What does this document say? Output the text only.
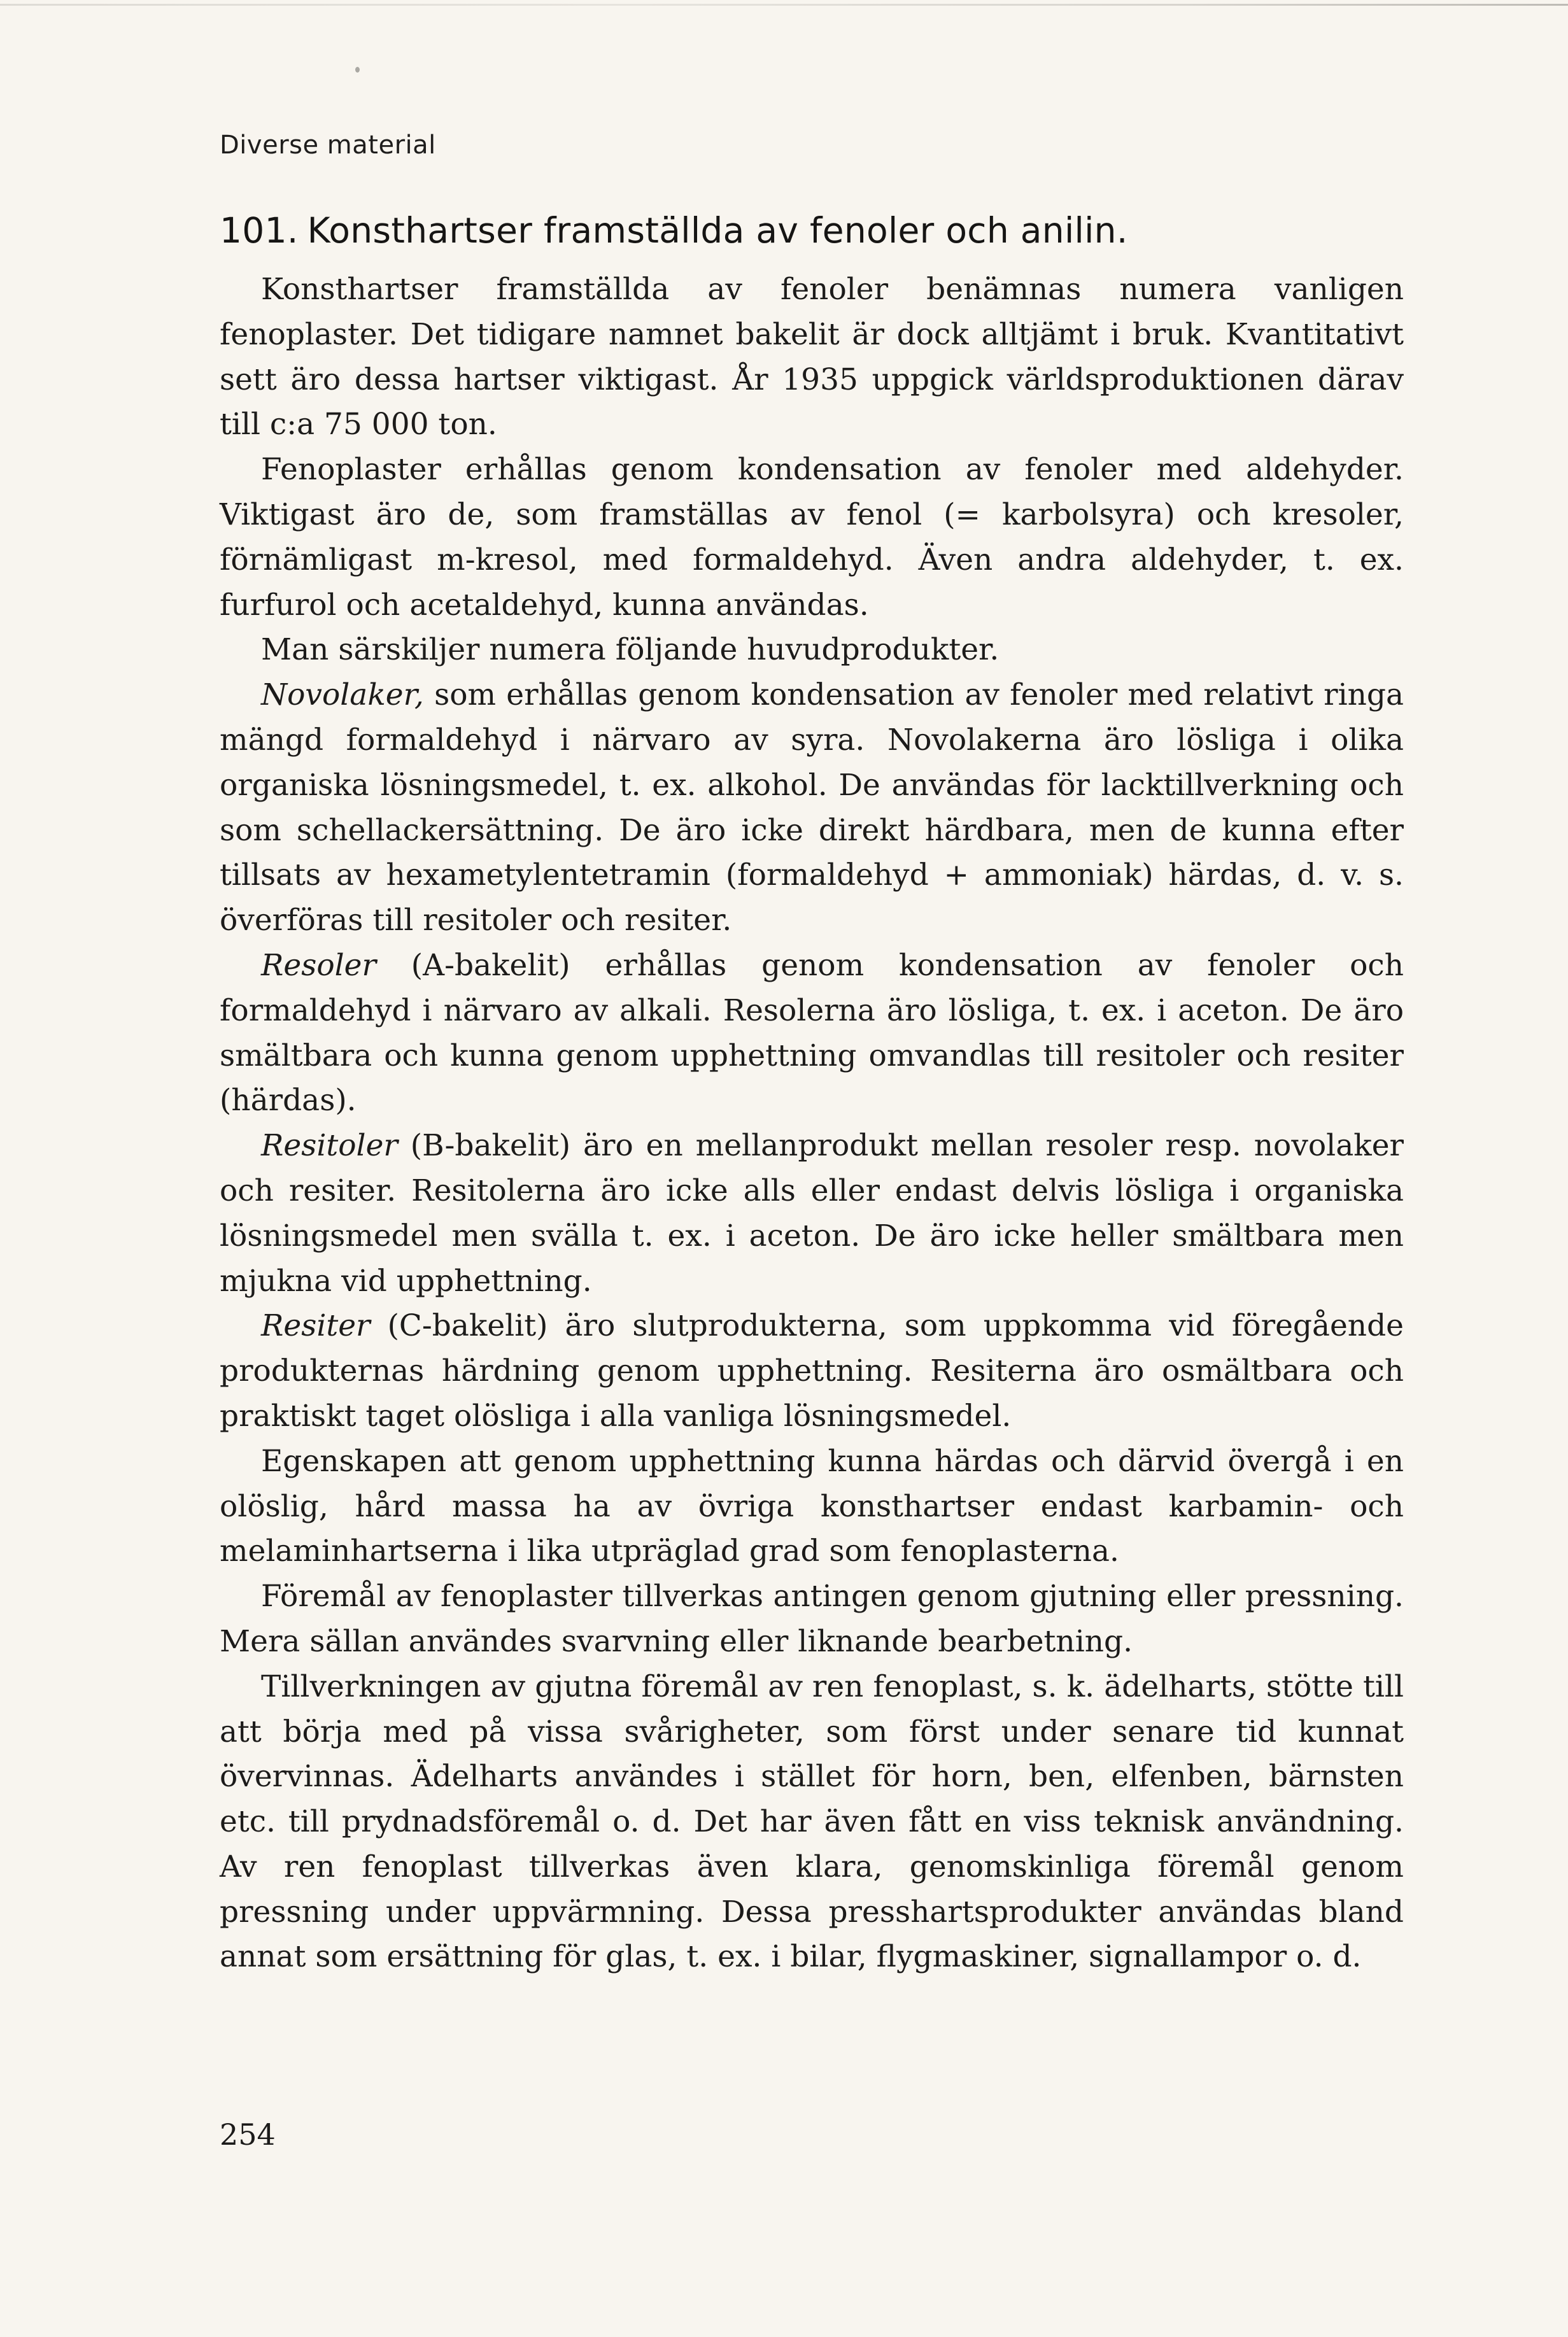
Diverse material
101. Konsthartser framställda av fenoler och anilin.

Konsthartser framställda av fenoler benämnas numera vanligen fenoplaster. Det tidigare namnet bakelit är dock alltjämt i bruk. Kvantitativt sett äro dessa hartser viktigast. År 1935 uppgick världsproduktionen därav till c:a 75 000 ton.

Fenoplaster erhållas genom kondensation av fenoler med aldehyder. Viktigast äro de, som framställas av fenol (= karbolsyra) och kresoler, förnämligast m-kresol, med formaldehyd. Även andra aldehyder, t. ex. furfurol och acetaldehyd, kunna användas.

Man särskiljer numera följande huvudprodukter.

Novolaker, som erhållas genom kondensation av fenoler med relativt ringa mängd formaldehyd i närvaro av syra. Novolakerna äro lösliga i olika organiska lösningsmedel, t. ex. alkohol. De användas för lacktillverkning och som schellackersättning. De äro icke direkt härdbara, men de kunna efter tillsats av hexametylentetramin (formaldehyd + ammoniak) härdas, d. v. s. överföras till resitoler och resiter.

Resoler (A-bakelit) erhållas genom kondensation av fenoler och formaldehyd i närvaro av alkali. Resolerna äro lösliga, t. ex. i aceton. De äro smältbara och kunna genom upphettning omvandlas till resitoler och resiter (härdas).

Resitoler (B-bakelit) äro en mellanprodukt mellan resoler resp. novolaker och resiter. Resitolerna äro icke alls eller endast delvis lösliga i organiska lösningsmedel men svälla t. ex. i aceton. De äro icke heller smältbara men mjukna vid upphettning.

Resiter (C-bakelit) äro slutprodukterna, som uppkomma vid föregående produkternas härdning genom upphettning. Resiterna äro osmältbara och praktiskt taget olösliga i alla vanliga lösningsmedel.

Egenskapen att genom upphettning kunna härdas och därvid övergå i en olöslig, hård massa ha av övriga konsthartser endast karbamin- och melaminhartserna i lika utpräglad grad som fenoplasterna.

Föremål av fenoplaster tillverkas antingen genom gjutning eller pressning. Mera sällan användes svarvning eller liknande bearbetning.

Tillverkningen av gjutna föremål av ren fenoplast, s. k. ädelharts, stötte till att börja med på vissa svårigheter, som först under senare tid kunnat övervinnas. Ädelharts användes i stället för horn, ben, elfenben, bärnsten etc. till prydnadsföremål o. d. Det har även fått en viss teknisk användning. Av ren fenoplast tillverkas även klara, genomskinliga föremål genom pressning under uppvärmning. Dessa presshartsprodukter användas bland annat som ersättning för glas, t. ex. i bilar, flygmaskiner, signallampor o. d.

254
